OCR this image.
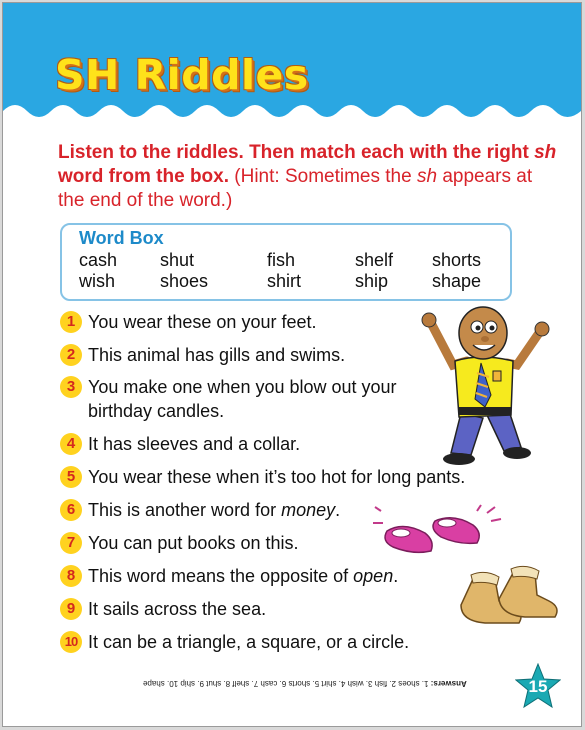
SH Riddles
Listen to the riddles. Then match each with the right sh word from the box. (Hint: Sometimes the sh appears at the end of the word.)
Word Box
cash shut	fish	shelf shorts
wish shoes	shirt	ship shape
1 You wear these on your feet.
2 This animal has gills and swims.
3 You make one when you blow out your
birthday candles.
4 It has sleeves and a collar.
5 You wear these when it’s too hot for long pants.
6 This is another word for money.
7 You can put books on this.
8 This word means the opposite of open.
9 It sails across the sea.
10 It can be a triangle, a square, or a circle.
Answers: 1. shoes 2. fish 3. wish 4. shirt 5. shorts 6. cash 7. shelf 8. shut 9. ship 10. shape	15
